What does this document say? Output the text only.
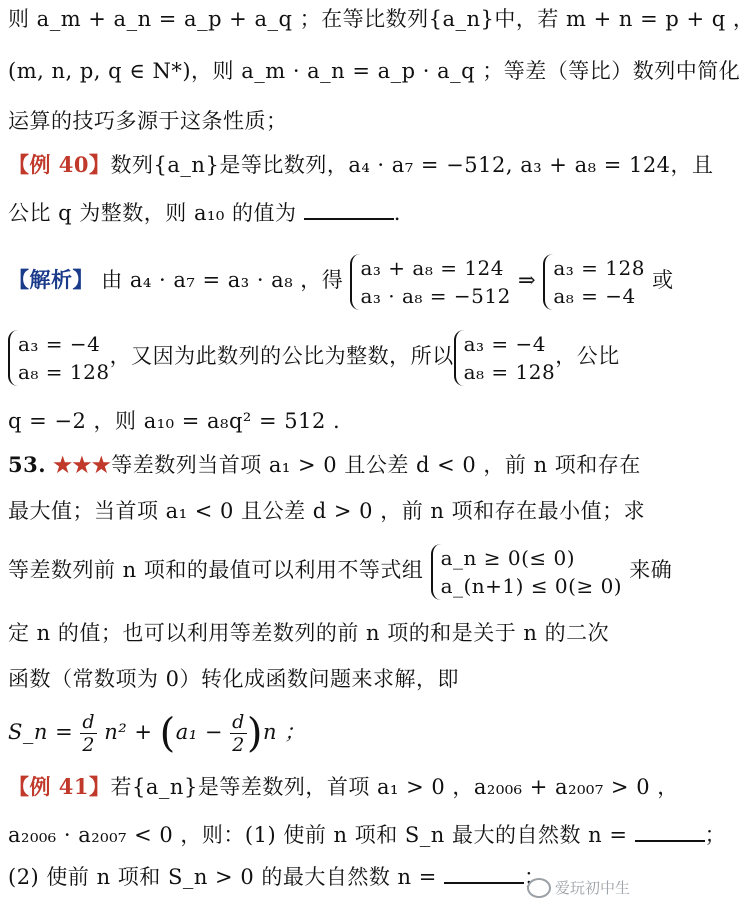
则 a_m + a_n = a_p + a_q ；在等比数列{a_n}中，若 m + n = p + q ，
(m, n, p, q ∈ N*)，则 a_m · a_n = a_p · a_q ；等差（等比）数列中简化
运算的技巧多源于这条性质；
【例 40】数列{a_n}是等比数列，a₄ · a₇ = −512, a₃ + a₈ = 124，且
公比 q 为整数，则 a₁₀ 的值为	.
【解析】 由 a₄ · a₇ = a₃ · a₈ ，得
a₃ + a₈ = 124
a₃ · a₈ = −512
⇒
a₃ = 128
a₈ = −4
或
a₃ = −4
a₈ = 128
，又因为此数列的公比为整数，所以
a₃ = −4
a₈ = 128
，公比
q = −2 ，则 a₁₀ = a₈q² = 512 .
53. ★★★等差数列当首项 a₁ > 0 且公差 d < 0 ，前 n 项和存在
最大值；当首项 a₁ < 0 且公差 d > 0 ，前 n 项和存在最小值；求
等差数列前 n 项和的最值可以利用不等式组
a_n ≥ 0(≤ 0)
a_(n+1) ≤ 0(≥ 0)
来确
定 n 的值；也可以利用等差数列的前 n 项的和是关于 n 的二次
函数（常数项为 0）转化成函数问题来求解，即
S_n = $\frac{d}{2} n^2 + (a_1 - \frac{d}{2} )n$ ；
【例 41】若{a_n}是等差数列，首项 a₁ > 0 ，a₂₀₀₆ + a₂₀₀₇ > 0 ，
a₂₀₀₆ · a₂₀₀₇ < 0 ，则：(1) 使前 n 项和 S_n 最大的自然数 n =	；
(2) 使前 n 项和 S_n > 0 的最大自然数 n =	； 爱玩初中生
